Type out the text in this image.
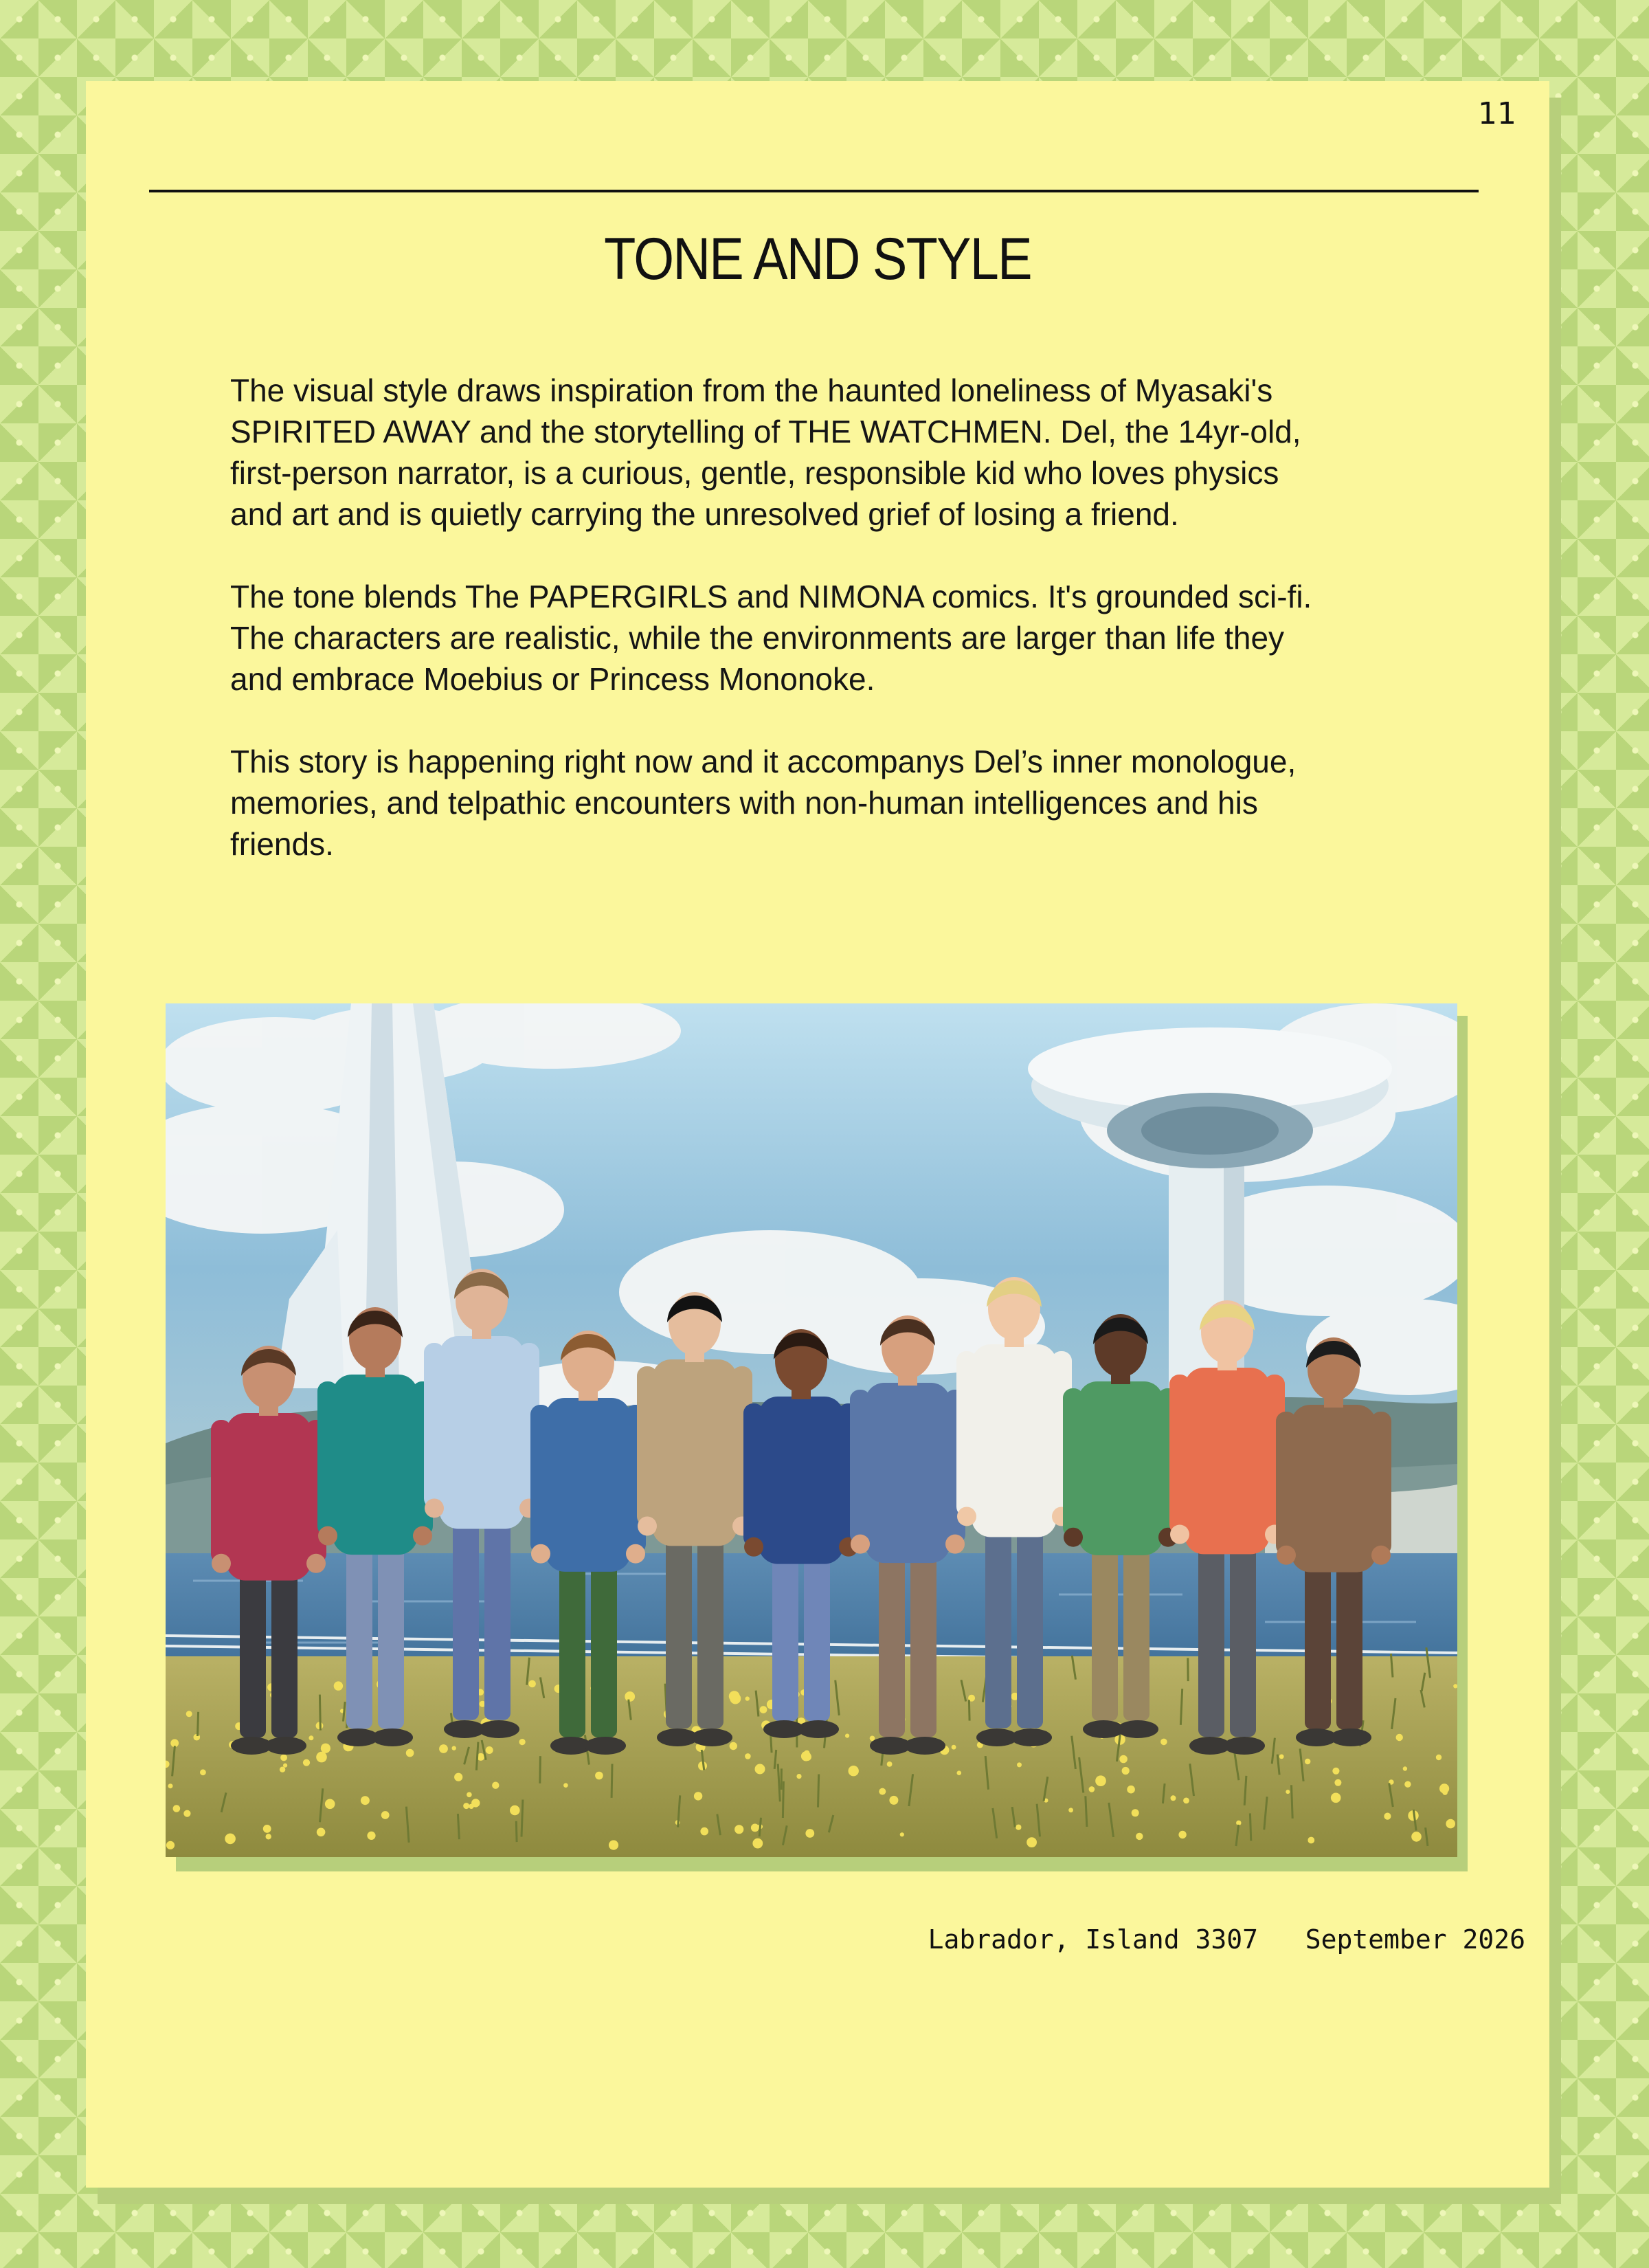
11
TONE AND STYLE

The visual style draws inspiration from the haunted loneliness of Myasaki's
SPIRITED AWAY and the storytelling of THE WATCHMEN. Del, the 14yr-old,
first-person narrator, is a curious, gentle, responsible kid who loves physics
and art and is quietly carrying the unresolved grief of losing a friend.

The tone blends The PAPERGIRLS and NIMONA comics. It's grounded sci-fi.
The characters are realistic, while the environments are larger than life they
and embrace Moebius or Princess Mononoke.

This story is happening right now and it accompanys Del’s inner monologue,
memories, and telpathic encounters with non-human intelligences and his
friends.

Labrador, Island 3307   September 2026
